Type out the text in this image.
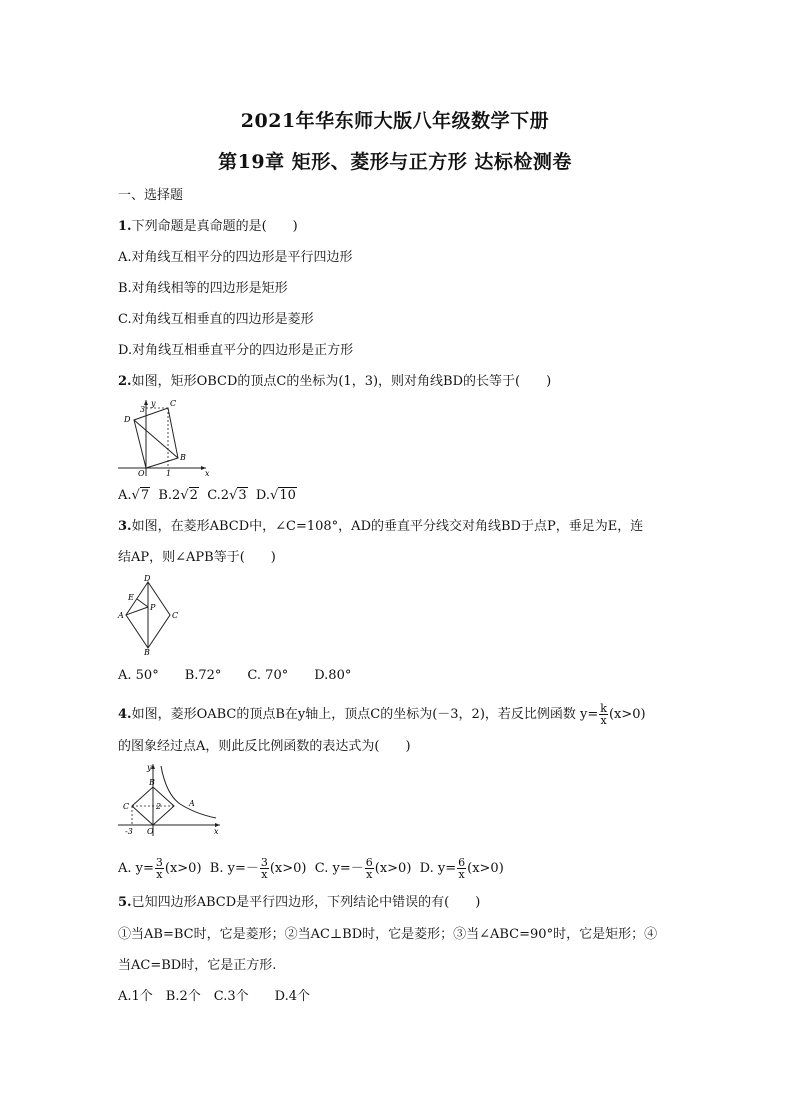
2021年华东师大版八年级数学下册
第19章 矩形、菱形与正方形 达标检测卷
一、选择题
1.下列命题是真命题的是(　　)
A.对角线互相平分的四边形是平行四边形
B.对角线相等的四边形是矩形
C.对角线互相垂直的四边形是菱形
D.对角线互相垂直平分的四边形是正方形
2.如图，矩形OBCD的顶点C的坐标为(1，3)，则对角线BD的长等于(　　)
y
x
3
C
D
B
O	1
A.√7 B.2√2 C.2√3 D.√10
3.如图，在菱形ABCD中，∠C=108°，AD的垂直平分线交对角线BD于点P，垂足为E，连
结AP，则∠APB等于(　　)
D
E
P
A	C
B
A. 50°　　B.72°　　C. 70°　　D.80°
4.如图，菱形OABC的顶点B在y轴上，顶点C的坐标为(－3，2)，若反比例函数 $y= \frac{k}{x} (x>0)$
的图象经过点A，则此反比例函数的表达式为(　　)
y
x
B
C	A
O
2
-3
A. $y= \frac{3}{x} (x>0)$ B. $y=- \frac{3}{x} (x>0)$ C. $y=- \frac{6}{x} (x>0)$ D. $y= \frac{6}{x} (x>0)$
5.已知四边形ABCD是平行四边形，下列结论中错误的有(　　)
①当AB=BC时，它是菱形；②当AC⊥BD时，它是菱形；③当∠ABC=90°时，它是矩形；④
当AC=BD时，它是正方形.
A.1个　B.2个　C.3个　　D.4个
